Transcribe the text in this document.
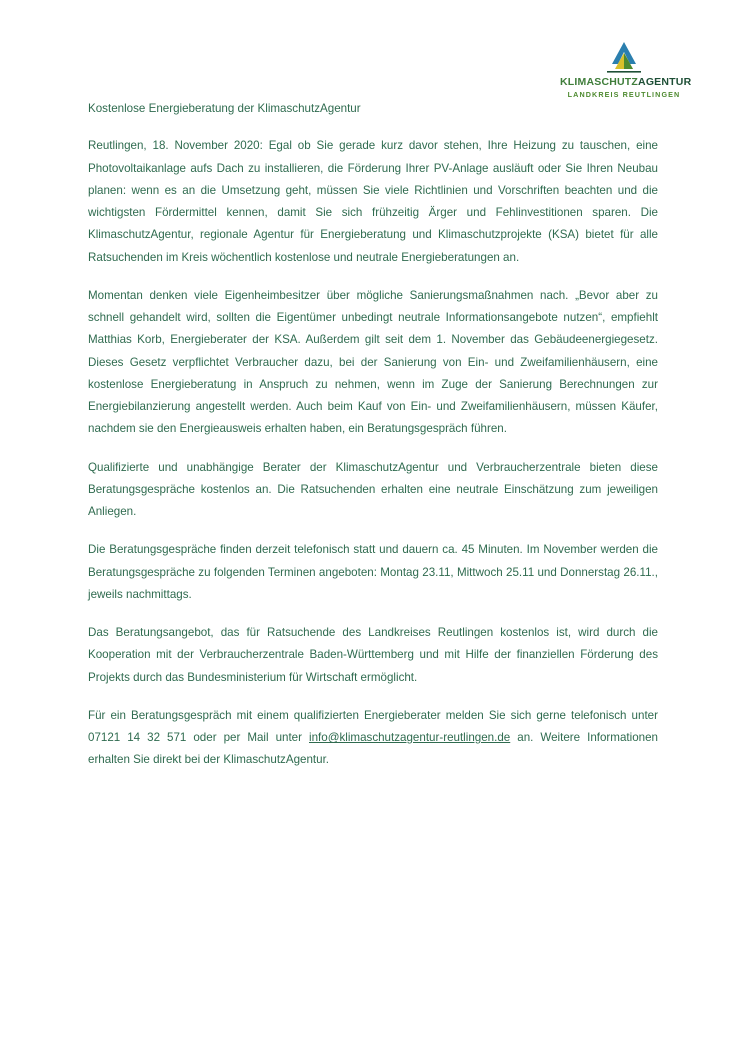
KLIMASCHUTZAGENTUR
LANDKREIS REUTLINGEN
Kostenlose Energieberatung der KlimaschutzAgentur

Reutlingen, 18. November 2020: Egal ob Sie gerade kurz davor stehen, Ihre Heizung zu tauschen, eine Photovoltaikanlage aufs Dach zu installieren, die Förderung Ihrer PV-Anlage ausläuft oder Sie Ihren Neubau planen: wenn es an die Umsetzung geht, müssen Sie viele Richtlinien und Vorschriften beachten und die wichtigsten Fördermittel kennen, damit Sie sich frühzeitig Ärger und Fehlinvestitionen sparen. Die KlimaschutzAgentur, regionale Agentur für Energieberatung und Klimaschutzprojekte (KSA) bietet für alle Ratsuchenden im Kreis wöchentlich kostenlose und neutrale Energieberatungen an.

Momentan denken viele Eigenheimbesitzer über mögliche Sanierungsmaßnahmen nach. „Bevor aber zu schnell gehandelt wird, sollten die Eigentümer unbedingt neutrale Informationsangebote nutzen“, empfiehlt Matthias Korb, Energieberater der KSA. Außerdem gilt seit dem 1. November das Gebäudeenergiegesetz. Dieses Gesetz verpflichtet Verbraucher dazu, bei der Sanierung von Ein- und Zweifamilienhäusern, eine kostenlose Energieberatung in Anspruch zu nehmen, wenn im Zuge der Sanierung Berechnungen zur Energiebilanzierung angestellt werden. Auch beim Kauf von Ein- und Zweifamilienhäusern, müssen Käufer, nachdem sie den Energieausweis erhalten haben, ein Beratungsgespräch führen.

Qualifizierte und unabhängige Berater der KlimaschutzAgentur und Verbraucherzentrale bieten diese Beratungsgespräche kostenlos an. Die Ratsuchenden erhalten eine neutrale Einschätzung zum jeweiligen Anliegen.

Die Beratungsgespräche finden derzeit telefonisch statt und dauern ca. 45 Minuten. Im November werden die Beratungsgespräche zu folgenden Terminen angeboten: Montag 23.11, Mittwoch 25.11 und Donnerstag 26.11., jeweils nachmittags.

Das Beratungsangebot, das für Ratsuchende des Landkreises Reutlingen kostenlos ist, wird durch die Kooperation mit der Verbraucherzentrale Baden-Württemberg und mit Hilfe der finanziellen Förderung des Projekts durch das Bundesministerium für Wirtschaft ermöglicht.

Für ein Beratungsgespräch mit einem qualifizierten Energieberater melden Sie sich gerne telefonisch unter 07121 14 32 571 oder per Mail unter info@klimaschutzagentur-reutlingen.de an. Weitere Informationen erhalten Sie direkt bei der KlimaschutzAgentur.
